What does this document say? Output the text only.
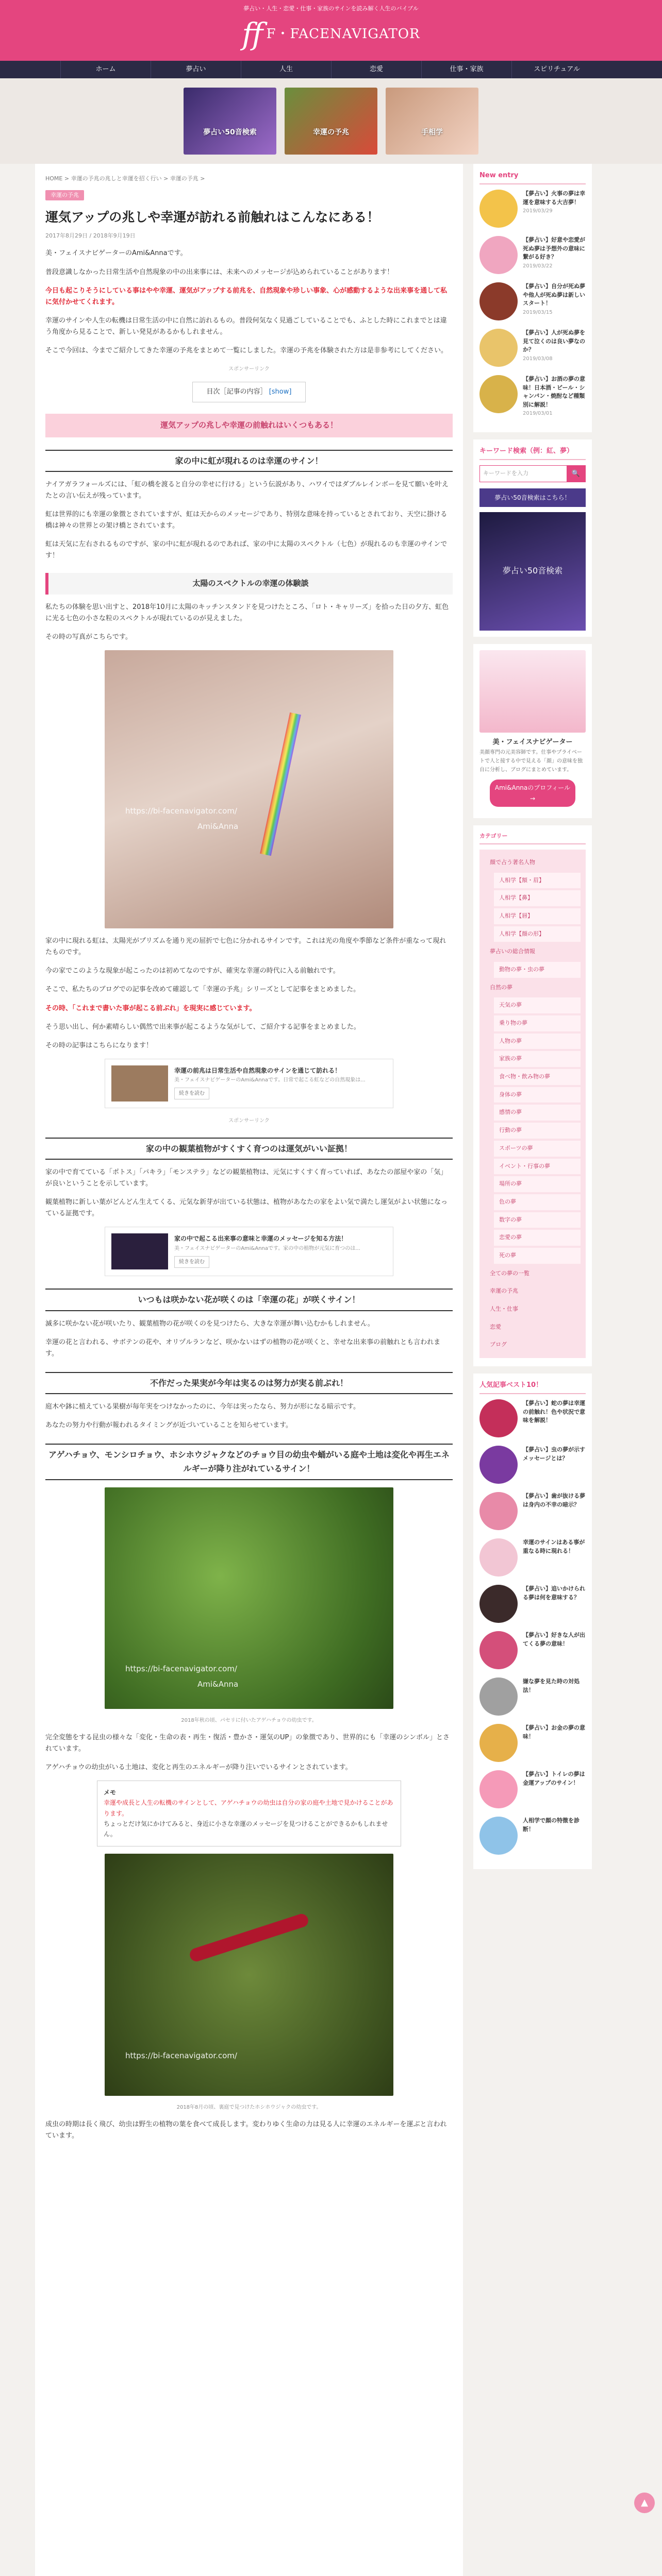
夢占い・人生・恋愛・仕事・家族のサインを読み解く人生のバイブル
ff F・FACENAVIGATOR
ホーム	夢占い	人生	恋愛	仕事・家族	スピリチュアル
夢占い50音検索	幸運の予兆	手相学
HOME > 幸運の予兆の兆しと幸運を招く行い > 幸運の予兆 >
幸運の予兆
運気アップの兆しや幸運が訪れる前触れはこんなにある！
2017年8月29日 / 2018年9月19日

美・フェイスナビゲーターのAmi&Annaです。

普段意識しなかった日常生活や自然現象の中の出来事には、未来へのメッセージが込められていることがあります！

今日も起こりそうにしている事はやや幸運、運気がアップする前兆を、自然現象や珍しい事象、心が感動するような出来事を通して私に気付かせてくれます。

幸運のサインや人生の転機は日常生活の中に自然に訪れるもの。普段何気なく見過ごしていることでも、ふとした時にこれまでとは違う角度から見ることで、新しい発見があるかもしれません。

そこで今回は、今までご紹介してきた幸運の予兆をまとめて一覧にしました。幸運の予兆を体験された方は是非参考にしてください。

スポンサーリンク
目次［記事の内容］ [show]
運気アップの兆しや幸運の前触れはいくつもある！
家の中に虹が現れるのは幸運のサイン！

ナイアガラフォールズには、「虹の橋を渡ると自分の幸せに行ける」という伝説があり、ハワイではダブルレインボーを見て願いを叶えたとの言い伝えが残っています。

虹は世界的にも幸運の象徴とされていますが、虹は天からのメッセージであり、特別な意味を持っているとされており、天空に掛ける橋は神々の世界との架け橋とされています。

虹は天気に左右されるものですが、家の中に虹が現れるのであれば、家の中に太陽のスペクトル（七色）が現れるのも幸運のサインです！

太陽のスペクトルの幸運の体験談

私たちの体験を思い出すと、2018年10月に太陽のキッチンスタンドを見つけたところ、「ロト・キャリーズ」を拾った日の夕方、虹色に光る七色の小さな粒のスペクトルが現れているのが見えました。

その時の写真がこちらです。

https://bi-facenavigator.com/
Ami&Anna

家の中に現れる虹は、太陽光がプリズムを通り光の屈折で七色に分かれるサインです。これは光の角度や季節など条件が重なって現れたものです。

今の家でこのような現象が起こったのは初めてなのですが、確実な幸運の時代に入る前触れです。

そこで、私たちのブログでの記事を改めて確認して「幸運の予兆」シリーズとして記事をまとめました。

その時、「これまで書いた事が起こる前ぶれ」を現実に感じています。

そう思い出し、何か素晴らしい偶然で出来事が起こるような気がして、ご紹介する記事をまとめました。

その時の記事はこちらになります！

幸運の前兆は日常生活や自然現象のサインを通じて訪れる！
美・フェイスナビゲーターのAmi&Annaです。日常で起こる虹などの自然現象は...
続きを読む
スポンサーリンク
家の中の観葉植物がすくすく育つのは運気がいい証拠！

家の中で育てている「ポトス」「パキラ」「モンステラ」などの観葉植物は、元気にすくすく育っていれば、あなたの部屋や家の「気」が良いということを示しています。

観葉植物に新しい葉がどんどん生えてくる、元気な新芽が出ている状態は、植物があなたの家をよい気で満たし運気がよい状態になっている証拠です。

家の中で起こる出来事の意味と幸運のメッセージを知る方法！
美・フェイスナビゲーターのAmi&Annaです。家の中の植物が元気に育つのは...
続きを読む
いつもは咲かない花が咲くのは「幸運の花」が咲くサイン！

滅多に咲かない花が咲いたり、観葉植物の花が咲くのを見つけたら、大きな幸運が舞い込むかもしれません。

幸運の花と言われる、サボテンの花や、オリヅルランなど、咲かないはずの植物の花が咲くと、幸せな出来事の前触れとも言われます。

不作だった果実が今年は実るのは努力が実る前ぶれ！

庭木や鉢に植えている果樹が毎年実をつけなかったのに、今年は実ったなら、努力が形になる暗示です。

あなたの努力や行動が報われるタイミングが近づいていることを知らせています。

アゲハチョウ、モンシロチョウ、ホシホウジャクなどのチョウ目の幼虫や蛹がいる庭や土地は変化や再生エネルギーが降り注がれているサイン！
https://bi-facenavigator.com/
Ami&Anna
2018年秋の頃、パセリに付いたアゲハチョウの幼虫です。

完全変態をする昆虫の様々な「変化・生命の表・再生・復活・豊かさ・運気のUP」の象徴であり、世界的にも「幸運のシンボル」とされています。

アゲハチョウの幼虫がいる土地は、変化と再生のエネルギーが降り注いでいるサインとされています。

メモ
幸運や成長と人生の転機のサインとして、アゲハチョウの幼虫は自分の家の庭や土地で見かけることがあります。
ちょっとだけ気にかけてみると、身近に小さな幸運のメッセージを見つけることができるかもしれません。
https://bi-facenavigator.com/
2018年8月の頃、裏庭で見つけたホシホウジャクの幼虫です。

成虫の時期は長く飛び、幼虫は野生の植物の葉を食べて成長します。変わりゆく生命の力は見る人に幸運のエネルギーを運ぶと言われています。

New entry
【夢占い】火事の夢は幸運を意味する大吉夢！
2019/03/29
【夢占い】好意や恋愛が死ぬ夢は予想外の意味に繋がる好き？
2019/03/22
【夢占い】自分が死ぬ夢や他人が死ぬ夢は新しいスタート！
2019/03/15
【夢占い】人が死ぬ夢を見て泣くのは良い夢なのか？
2019/03/08
【夢占い】お酒の夢の意味！日本酒・ビール・シャンパン・焼酎など種類別に解説！
2019/03/01
キーワード検索（例：紅、夢）
キーワードを入力	🔍
夢占い50音検索はこちら！
夢占い50音検索
美・フェイスナビゲーター
美顔専門の元美容師です。仕事やプライベートで人と接する中で見える「顔」の意味を独自に分析し、ブログにまとめています。
Ami&Annaのプロフィール→
カテゴリー
顔で占う著名人物
人相学【額・眉】
人相学【鼻】
人相学【唇】
人相学【顔の形】
夢占いの総合情報
動物の夢・虫の夢
自然の夢
天気の夢
乗り物の夢
人物の夢
家族の夢
食べ物・飲み物の夢
身体の夢
感情の夢
行動の夢
スポーツの夢
イベント・行事の夢
場所の夢
色の夢
数字の夢
恋愛の夢
死の夢
全ての夢の一覧
幸運の予兆
人生・仕事
恋愛
ブログ
人気記事ベスト10！
【夢占い】蛇の夢は幸運の前触れ！色や状況で意味を解説！
【夢占い】虫の夢が示すメッセージとは？
【夢占い】歯が抜ける夢は身内の不幸の暗示？
幸運のサインはある事が重なる時に現れる！
【夢占い】追いかけられる夢は何を意味する？
【夢占い】好きな人が出てくる夢の意味！
嫌な夢を見た時の対処法！
【夢占い】お金の夢の意味！
【夢占い】トイレの夢は金運アップのサイン！
人相学で顔の特徴を診断！
▲
